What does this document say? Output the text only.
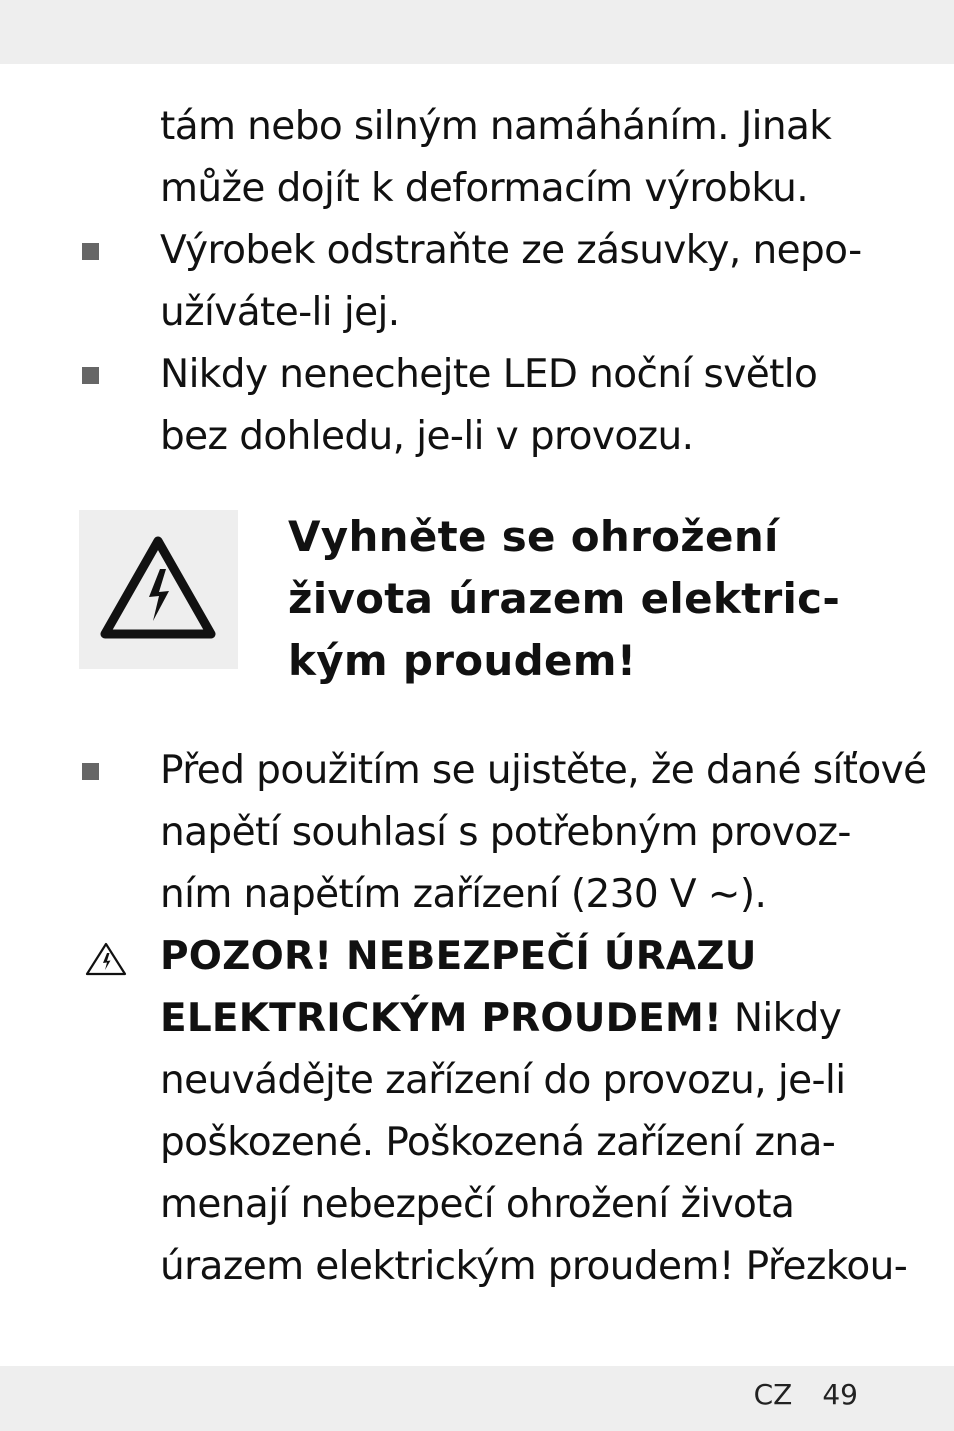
tám nebo silným namáháním. Jinak
může dojít k deformacím výrobku.
Výrobek odstraňte ze zásuvky, nepo-
užíváte-li jej.
Nikdy nenechejte LED noční světlo
bez dohledu, je-li v provozu.
Vyhněte se ohrožení
života úrazem elektric-
kým proudem!
Před použitím se ujistěte, že dané síťové
napětí souhlasí s potřebným provoz-
ním napětím zařízení (230 V ∼).
POZOR! NEBEZPEČÍ ÚRAZU
ELEKTRICKÝM PROUDEM! Nikdy
neuvádějte zařízení do provozu, je-li
poškozené. Poškozená zařízení zna-
menají nebezpečí ohrožení života
úrazem elektrickým proudem! Přezkou-
CZ 49
